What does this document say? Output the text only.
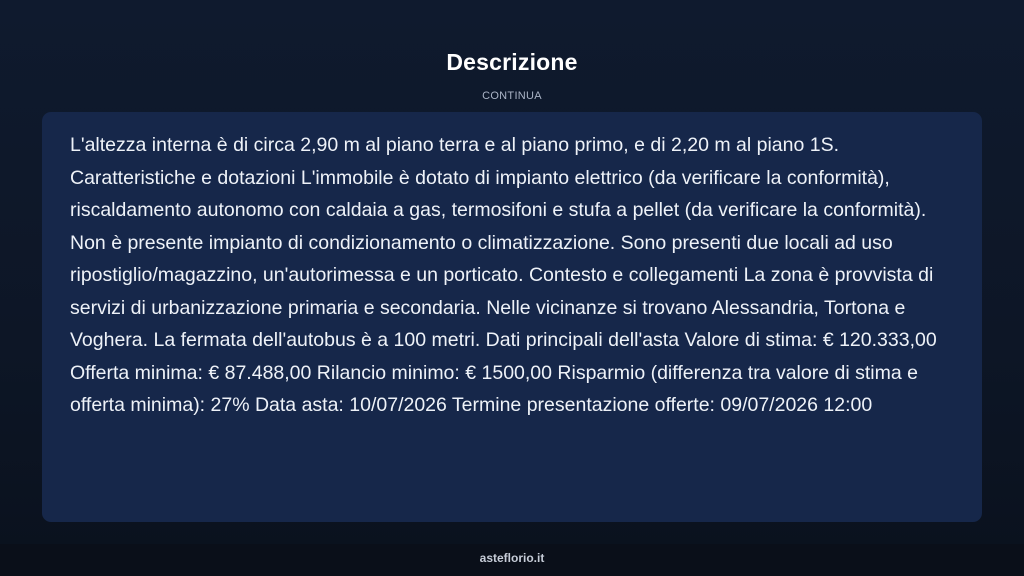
Descrizione
CONTINUA

L'altezza interna è di circa 2,90 m al piano terra e al piano primo, e di 2,20 m al piano 1S. Caratteristiche e dotazioni L'immobile è dotato di impianto elettrico (da verificare la conformità), riscaldamento autonomo con caldaia a gas, termosifoni e stufa a pellet (da verificare la conformità). Non è presente impianto di condizionamento o climatizzazione. Sono presenti due locali ad uso ripostiglio/magazzino, un'autorimessa e un porticato. Contesto e collegamenti La zona è provvista di servizi di urbanizzazione primaria e secondaria. Nelle vicinanze si trovano Alessandria, Tortona e Voghera. La fermata dell'autobus è a 100 metri. Dati principali dell'asta Valore di stima: € 120.333,00 Offerta minima: € 87.488,00 Rilancio minimo: € 1500,00 Risparmio (differenza tra valore di stima e offerta minima): 27% Data asta: 10/07/2026 Termine presentazione offerte: 09/07/2026 12:00

asteflorio.it
